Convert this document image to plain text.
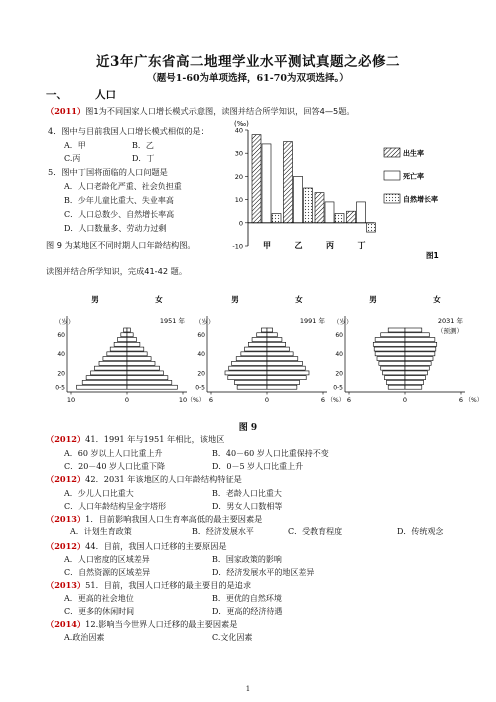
近3年广东省高二地理学业水平测试真题之必修二
（题号1-60为单项选择，61-70为双项选择。）
一、	人口
（2011）图1为不同国家人口增长模式示意图，读图并结合所学知识，回答4—5题。
4．图中与目前我国人口增长模式相似的是：
A．甲	B．乙
C.丙	D．丁
5．图中丁国将面临的人口问题是
A．人口老龄化严重、社会负担重
B．少年儿童比重大、失业率高
C．人口总数少、自然增长率高
D．人口数量多、劳动力过剩
图 9 为某地区不同时期人口年龄结构图。
读图并结合所学知识，完成41-42 题。
(‰)
40
30
20
10
0
-10	甲	乙	丙	丁
出生率
死亡率
自然增长率
图1
男	女
1951 年
（岁）
60
40
20
0-5
10	0	10 （%）
男	女
1991 年
（岁）
60
40
20
0-5
6	0	6 （%）
男	女
2031 年
（预测）
（岁）
60
40
20
0-5
6	0	6 （%）
图 9
（2012）41．1991 年与1951 年相比，该地区
A．60 岁以上人口比重上升	B．40－60 岁人口比重保持不变
C．20－40 岁人口比重下降	D．0－5 岁人口比重上升
（2012）42．2031 年该地区的人口年龄结构特征是
A．少儿人口比重大	B．老龄人口比重大
C．人口年龄结构呈金字塔形	D．男女人口数相等
（2013）1．目前影响我国人口生育率高低的最主要因素是
A．计划生育政策	B．经济发展水平	C．受教育程度	D．传统观念
（2012）44．目前，我国人口迁移的主要原因是
A．人口密度的区域差异	B．国家政策的影响
C．自然资源的区域差异	D．经济发展水平的地区差异
（2013）51．目前，我国人口迁移的最主要目的是追求
A．更高的社会地位	B．更优的自然环境
C．更多的休闲时间	D．更高的经济待遇
（2014）12.影响当今世界人口迁移的最主要因素是
A.政治因素	C.文化因素
1
